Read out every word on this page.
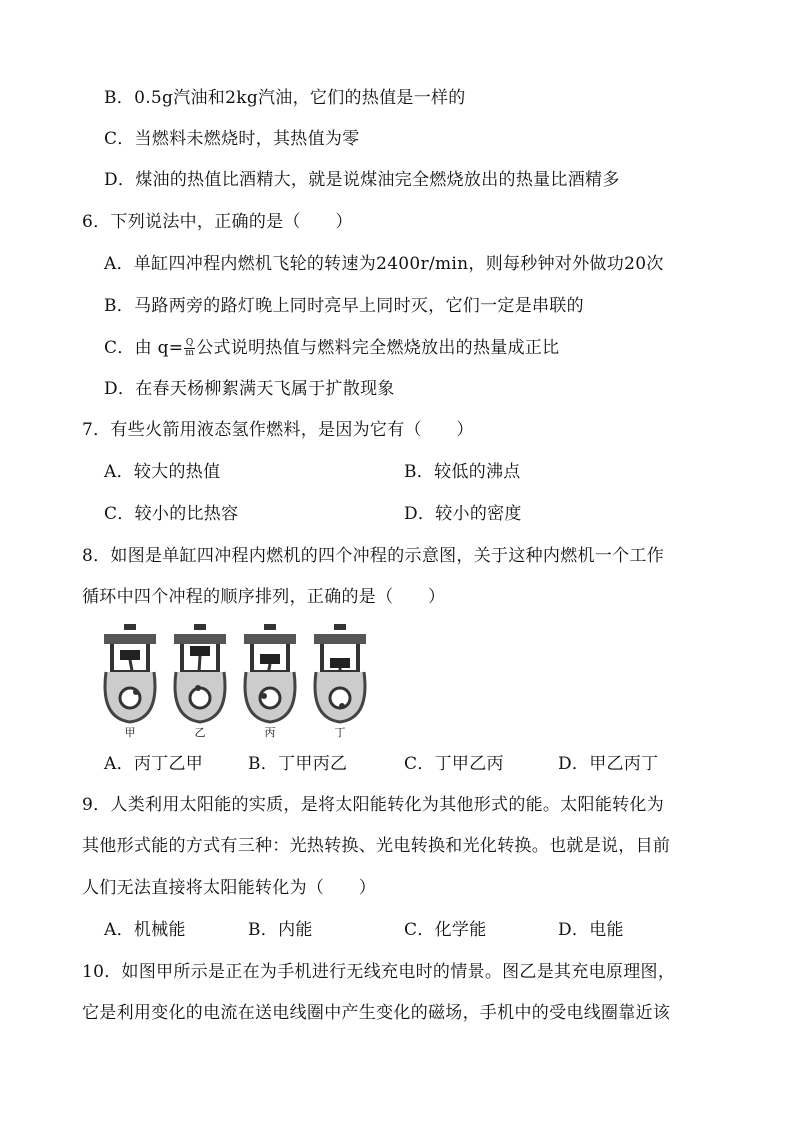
B．0.5g汽油和2kg汽油，它们的热值是一样的
C．当燃料未燃烧时，其热值为零
D．煤油的热值比酒精大，就是说煤油完全燃烧放出的热量比酒精多
6．下列说法中，正确的是（　　）
A．单缸四冲程内燃机飞轮的转速为2400r/min，则每秒钟对外做功20次
B．马路两旁的路灯晚上同时亮早上同时灭，它们一定是串联的
C．由 $q= \frac{Q}{m}$ 公式说明热值与燃料完全燃烧放出的热量成正比
D．在春天杨柳絮满天飞属于扩散现象
7．有些火箭用液态氢作燃料，是因为它有（　　）
A．较大的热值	B．较低的沸点
C．较小的比热容	D．较小的密度
8．如图是单缸四冲程内燃机的四个冲程的示意图，关于这种内燃机一个工作
循环中四个冲程的顺序排列，正确的是（　　）
甲	乙	丙	丁
A．丙丁乙甲	B．丁甲丙乙	C．丁甲乙丙	D．甲乙丙丁
9．人类利用太阳能的实质，是将太阳能转化为其他形式的能。太阳能转化为
其他形式能的方式有三种：光热转换、光电转换和光化转换。也就是说，目前
人们无法直接将太阳能转化为（　　）
A．机械能	B．内能	C．化学能	D．电能
10．如图甲所示是正在为手机进行无线充电时的情景。图乙是其充电原理图，
它是利用变化的电流在送电线圈中产生变化的磁场，手机中的受电线圈靠近该
